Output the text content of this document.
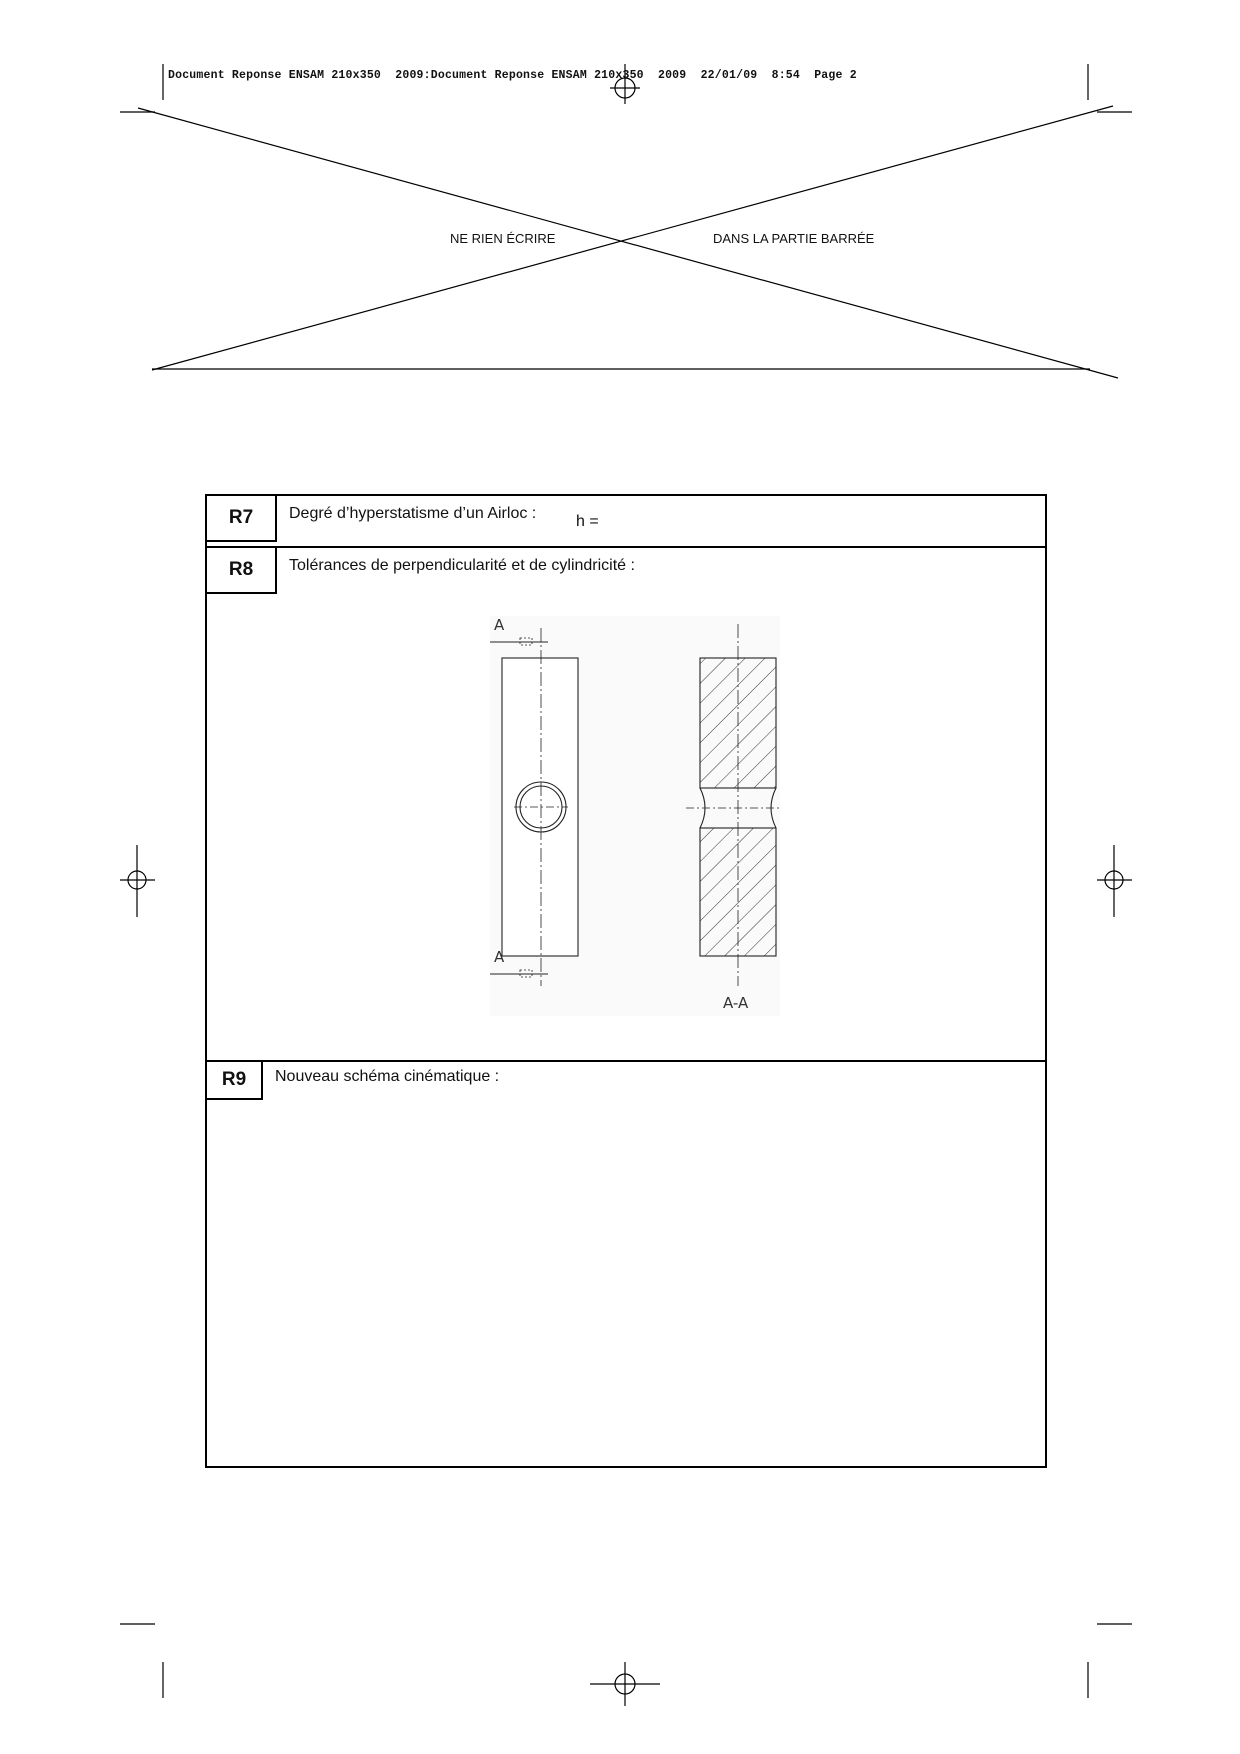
Document Reponse ENSAM 210x350  2009:Document Reponse ENSAM 210x350  2009  22/01/09  8:54  Page 2
NE RIEN ÉCRIRE	DANS LA PARTIE BARRÉE
R7	Degré d’hyperstatisme d’un Airloc : h =
R8	Tolérances de perpendicularité et de cylindricité :
A
A
A-A
R9	Nouveau schéma cinématique :
